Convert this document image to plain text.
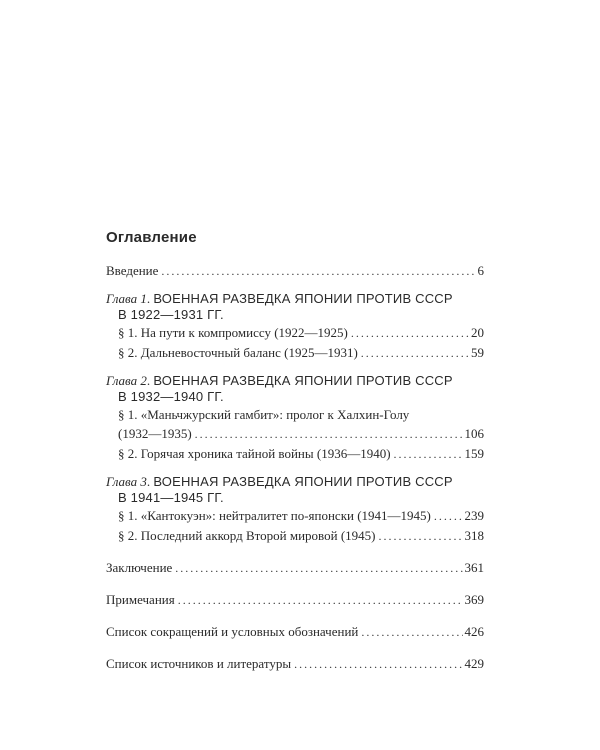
Оглавление
Введение . . .	6
Глава 1. ВОЕННАЯ РАЗВЕДКА ЯПОНИИ ПРОТИВ СССР
В 1922—1931 ГГ.
§ 1. На пути к компромиссу (1922—1925) . . .	20
§ 2. Дальневосточный баланс (1925—1931) . . .	59
Глава 2. ВОЕННАЯ РАЗВЕДКА ЯПОНИИ ПРОТИВ СССР
В 1932—1940 ГГ.
§ 1. «Маньчжурский гамбит»: пролог к Халхин-Голу
(1932—1935) . . .	106
§ 2. Горячая хроника тайной войны (1936—1940) . . .	159
Глава 3. ВОЕННАЯ РАЗВЕДКА ЯПОНИИ ПРОТИВ СССР
В 1941—1945 ГГ.
§ 1. «Кантокуэн»: нейтралитет по-японски (1941—1945) . . .	239
§ 2. Последний аккорд Второй мировой (1945) . . .	318
Заключение . . .	361
Примечания . . .	369
Список сокращений и условных обозначений . . .	426
Список источников и литературы . . .	429
